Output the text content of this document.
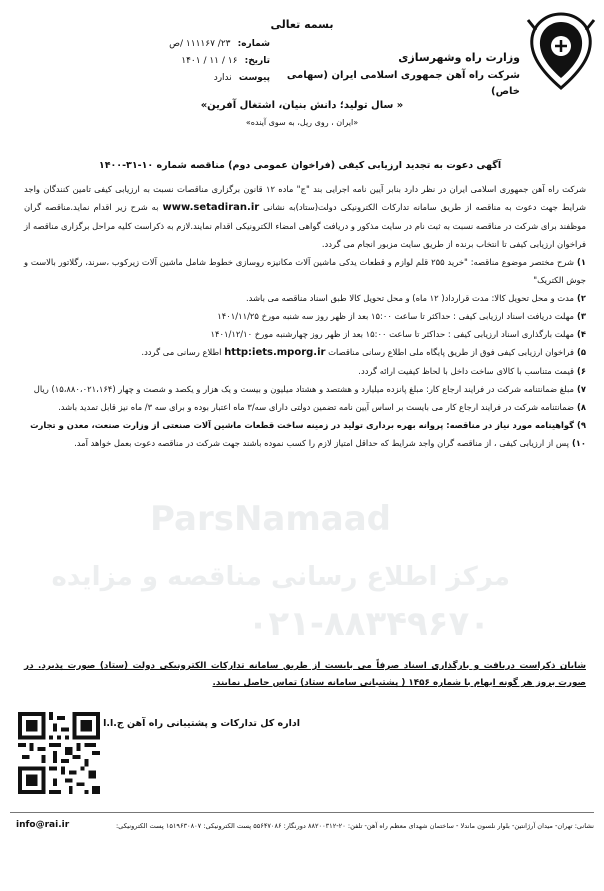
بسمه تعالی
وزارت راه وشهرسازی
شرکت راه آهن جمهوری اسلامی ایران (سهامی خاص)
شماره: ۲۳/ ۱۱۱۱۶۷ /ص
تاریخ: ۱۶ / ۱۱ / ۱۴۰۱
پیوست ندارد
« سال تولید؛ دانش بنیان، اشتغال آفرین»
«ایران ، روی ریل، به سوی آینده»
ParsNamaad
مرکز اطلاع رسانی مناقصه و مزایده
۰۲۱-۸۸۳۴۹۶۷۰
آگهی دعوت به تجدید ارزیابی کیفی (فراخوان عمومی دوم) مناقصه شماره ۱۰-۳۱-۱۴۰۰

شرکت راه آهن جمهوری اسلامی ایران در نظر دارد بنابر آیین نامه اجرایی بند "ج" ماده ۱۲ قانون برگزاری مناقصات نسبت به ارزیابی کیفی تامین کنندگان واجد شرایط جهت دعوت به مناقصه از طریق سامانه تدارکات الکترونیکی دولت(ستاد)به نشانی www.setadiran.ir به شرح زیر اقدام نماید.مناقصه گران موظفند برای شرکت در مناقصه نسبت به ثبت نام در سایت مذکور و دریافت گواهی امضاء الکترونیکی اقدام نمایند.لازم به ذکراست کلیه مراحل برگزاری مناقصه از فراخوان ارزیابی کیفی تا انتخاب برنده از طریق سایت مزبور انجام می گردد.

۱)شرح مختصر موضوع مناقصه: "خرید ۲۵۵ قلم لوازم و قطعات یدکی ماشین آلات مکانیزه روسازی خطوط شامل ماشین آلات زیرکوب ،سرند، رگلاتور بالاست و جوش الکتریک"

۲)مدت و محل تحویل کالا: مدت قرارداد( ۱۲ ماه) و محل تحویل کالا طبق اسناد مناقصه می باشد.

۳)مهلت دریافت اسناد ارزیابی کیفی : حداکثر تا ساعت ۱۵:۰۰ بعد از ظهر روز سه شنبه مورخ ۱۴۰۱/۱۱/۲۵

۴)مهلت بارگذاری اسناد ارزیابی کیفی : حداکثر تا ساعت ۱۵:۰۰ بعد از ظهر روز چهارشنبه مورخ ۱۴۰۱/۱۲/۱۰

۵)فراخوان ارزیابی کیفی فوق از طریق پایگاه ملی اطلاع رسانی مناقصات http:iets.mporg.ir اطلاع رسانی می گردد.

۶)قیمت متناسب با کالای ساخت داخل با لحاظ کیفیت ارائه گردد.

۷)مبلغ ضمانتنامه شرکت در فرایند ارجاع کار: مبلغ پانزده میلیارد و هشتصد و هشتاد میلیون و بیست و یک هزار و یکصد و شصت و چهار (۱۵،۸۸۰،۰۲۱،۱۶۴) ریال

۸)ضمانتنامه شرکت در فرایند ارجاع کار می بایست بر اساس آیین نامه تضمین دولتی دارای سه/۳ ماه اعتبار بوده و برای سه ۳/ ماه نیز قابل تمدید باشد.

۹)گواهینامه مورد نیاز در مناقصه: پروانه بهره برداری تولید در زمینه ساخت قطعات ماشین آلات صنعتی از وزارت صنعت، معدن و تجارت

۱۰)پس از ارزیابی کیفی ، از مناقصه گران واجد شرایط که حداقل امتیاز لازم را کسب نموده باشند جهت شرکت در مناقصه دعوت بعمل خواهد آمد.

شایان ذکراست دریافت و بارگذاری اسناد صرفاً می بایست از طریق سامانه تدارکات الکترونیکی دولت (ستاد) صورت پذیرد. در صورت بروز هر گونه ابهام با شماره ۱۴۵۶ ( پشتیبانی سامانه ستاد) تماس حاصل نمایند.
اداره کل تدارکات و پشتیبانی راه آهن ج.ا.ا
نشانی: تهران- میدان آرژانتین- بلوار نلسون ماندلا - ساختمان شهدای معظم راه آهن- تلفن: ۲۰-۸۸۲۰۰۳۱۲ دورنگار: ۵۵۶۴۷۰۸۶ پست الکترونیکی: ۱۵۱۹۶۳۰۸۰۷ پست الکترونیکی:
info@rai.ir
